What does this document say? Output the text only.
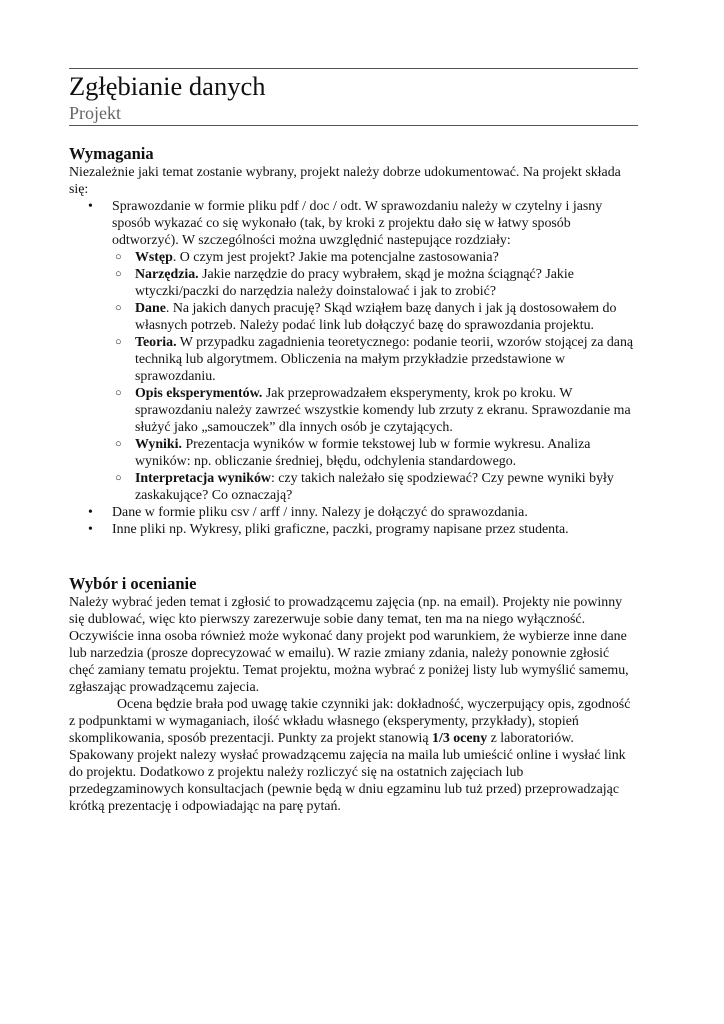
Zgłębianie danych
Projekt
Wymagania

Niezależnie jaki temat zostanie wybrany, projekt należy dobrze udokumentować. Na projekt składa się:

• Sprawozdanie w formie pliku pdf / doc / odt. W sprawozdaniu należy w czytelny i jasny sposób wykazać co się wykonało (tak, by kroki z projektu dało się w łatwy sposób odtworzyć). W szczególności można uwzględnić nastepujące rozdziały:
○ Wstęp. O czym jest projekt? Jakie ma potencjalne zastosowania?
○ Narzędzia. Jakie narzędzie do pracy wybrałem, skąd je można ściągnąć? Jakie wtyczki/paczki do narzędzia należy doinstalować i jak to zrobić?
○ Dane. Na jakich danych pracuję? Skąd wziąłem bazę danych i jak ją dostosowałem do własnych potrzeb. Należy podać link lub dołączyć bazę do sprawozdania projektu.
○ Teoria. W przypadku zagadnienia teoretycznego: podanie teorii, wzorów stojącej za daną techniką lub algorytmem. Obliczenia na małym przykładzie przedstawione w sprawozdaniu.
○ Opis eksperymentów. Jak przeprowadzałem eksperymenty, krok po kroku. W sprawozdaniu należy zawrzeć wszystkie komendy lub zrzuty z ekranu. Sprawozdanie ma służyć jako „samouczek” dla innych osób je czytających.
○ Wyniki. Prezentacja wyników w formie tekstowej lub w formie wykresu. Analiza wyników: np. obliczanie średniej, błędu, odchylenia standardowego.
○ Interpretacja wyników: czy takich należało się spodziewać? Czy pewne wyniki były zaskakujące? Co oznaczają?
• Dane w formie pliku csv / arff / inny. Nalezy je dołączyć do sprawozdania.
• Inne pliki np. Wykresy, pliki graficzne, paczki, programy napisane przez studenta.
Wybór i ocenianie

Należy wybrać jeden temat i zgłosić to prowadzącemu zajęcia (np. na email). Projekty nie powinny się dublować, więc kto pierwszy zarezerwuje sobie dany temat, ten ma na niego wyłączność. Oczywiście inna osoba również może wykonać dany projekt pod warunkiem, że wybierze inne dane lub narzedzia (prosze doprecyzować w emailu). W razie zmiany zdania, należy ponownie zgłosić chęć zamiany tematu projektu. Temat projektu, można wybrać z poniżej listy lub wymyślić samemu, zgłaszając prowadzącemu zajecia.

Ocena będzie brała pod uwagę takie czynniki jak: dokładność, wyczerpujący opis, zgodność z podpunktami w wymaganiach, ilość wkładu własnego (eksperymenty, przykłady), stopień skomplikowania, sposób prezentacji. Punkty za projekt stanowią 1/3 oceny z laboratoriów.

Spakowany projekt nalezy wysłać prowadzącemu zajęcia na maila lub umieścić online i wysłać link do projektu. Dodatkowo z projektu należy rozliczyć się na ostatnich zajęciach lub przedegzaminowych konsultacjach (pewnie będą w dniu egzaminu lub tuż przed) przeprowadzając krótką prezentację i odpowiadając na parę pytań.
